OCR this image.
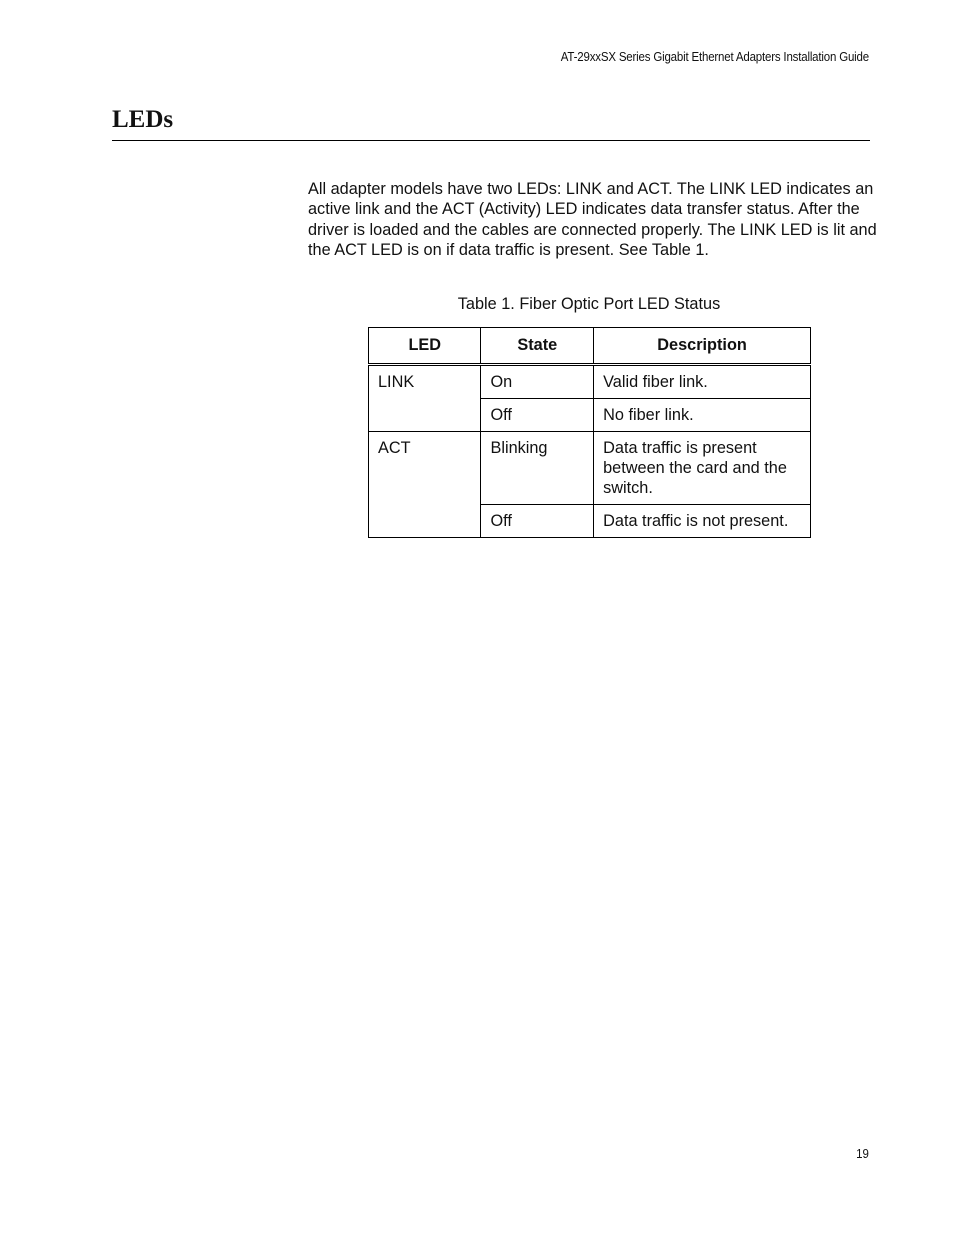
AT-29xxSX Series Gigabit Ethernet Adapters Installation Guide
LEDs

All adapter models have two LEDs: LINK and ACT. The LINK LED indicates an active link and the ACT (Activity) LED indicates data transfer status. After the driver is loaded and the cables are connected properly. The LINK LED is lit and the ACT LED is on if data traffic is present. See Table 1.

Table 1. Fiber Optic Port LED Status
LED	State	Description

LINK	On	Valid fiber link.

	Off	No fiber link.

ACT	Blinking	Data traffic is present between the card and the switch.

	Off	Data traffic is not present.
19
